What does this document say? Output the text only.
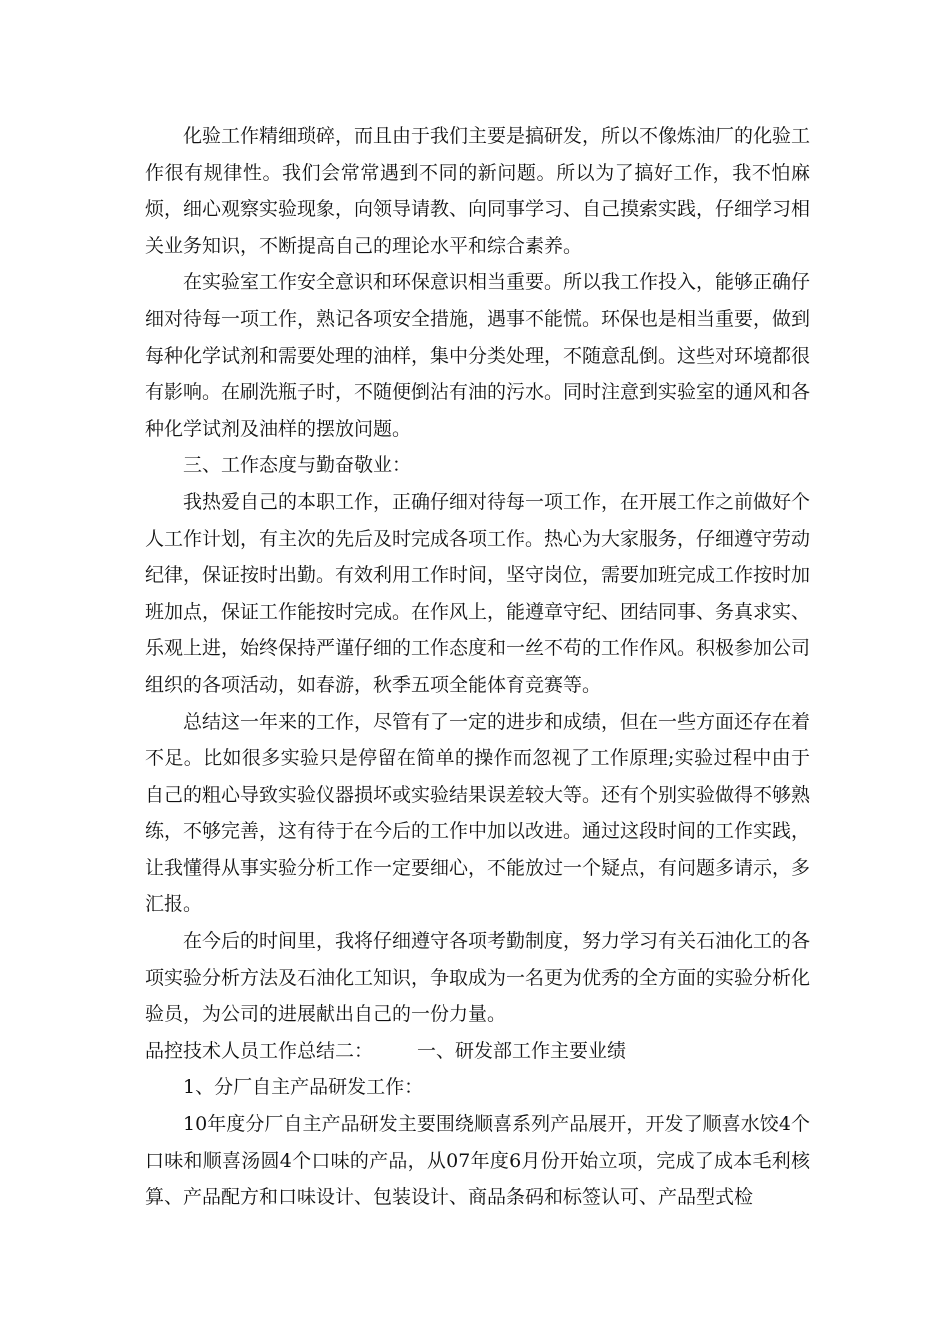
化验工作精细琐碎，而且由于我们主要是搞研发，所以不像炼油厂的化验工作很有规律性。我们会常常遇到不同的新问题。所以为了搞好工作，我不怕麻烦，细心观察实验现象，向领导请教、向同事学习、自己摸索实践，仔细学习相关业务知识，不断提高自己的理论水平和综合素养。

在实验室工作安全意识和环保意识相当重要。所以我工作投入，能够正确仔细对待每一项工作，熟记各项安全措施，遇事不能慌。环保也是相当重要，做到每种化学试剂和需要处理的油样，集中分类处理，不随意乱倒。这些对环境都很有影响。在刷洗瓶子时，不随便倒沾有油的污水。同时注意到实验室的通风和各种化学试剂及油样的摆放问题。

三、工作态度与勤奋敬业：

我热爱自己的本职工作，正确仔细对待每一项工作，在开展工作之前做好个人工作计划，有主次的先后及时完成各项工作。热心为大家服务，仔细遵守劳动纪律，保证按时出勤。有效利用工作时间，坚守岗位，需要加班完成工作按时加班加点，保证工作能按时完成。在作风上，能遵章守纪、团结同事、务真求实、乐观上进，始终保持严谨仔细的工作态度和一丝不苟的工作作风。积极参加公司组织的各项活动，如春游，秋季五项全能体育竞赛等。

总结这一年来的工作，尽管有了一定的进步和成绩，但在一些方面还存在着不足。比如很多实验只是停留在简单的操作而忽视了工作原理;实验过程中由于自己的粗心导致实验仪器损坏或实验结果误差较大等。还有个别实验做得不够熟练，不够完善，这有待于在今后的工作中加以改进。通过这段时间的工作实践，让我懂得从事实验分析工作一定要细心，不能放过一个疑点，有问题多请示，多汇报。

在今后的时间里，我将仔细遵守各项考勤制度，努力学习有关石油化工的各项实验分析方法及石油化工知识，争取成为一名更为优秀的全方面的实验分析化验员，为公司的进展献出自己的一份力量。

品控技术人员工作总结二： 一、研发部工作主要业绩

1、分厂自主产品研发工作：

10年度分厂自主产品研发主要围绕顺喜系列产品展开，开发了顺喜水饺4个口味和顺喜汤圆4个口味的产品，从07年度6月份开始立项，完成了成本毛利核算、产品配方和口味设计、包装设计、商品条码和标签认可、产品型式检
